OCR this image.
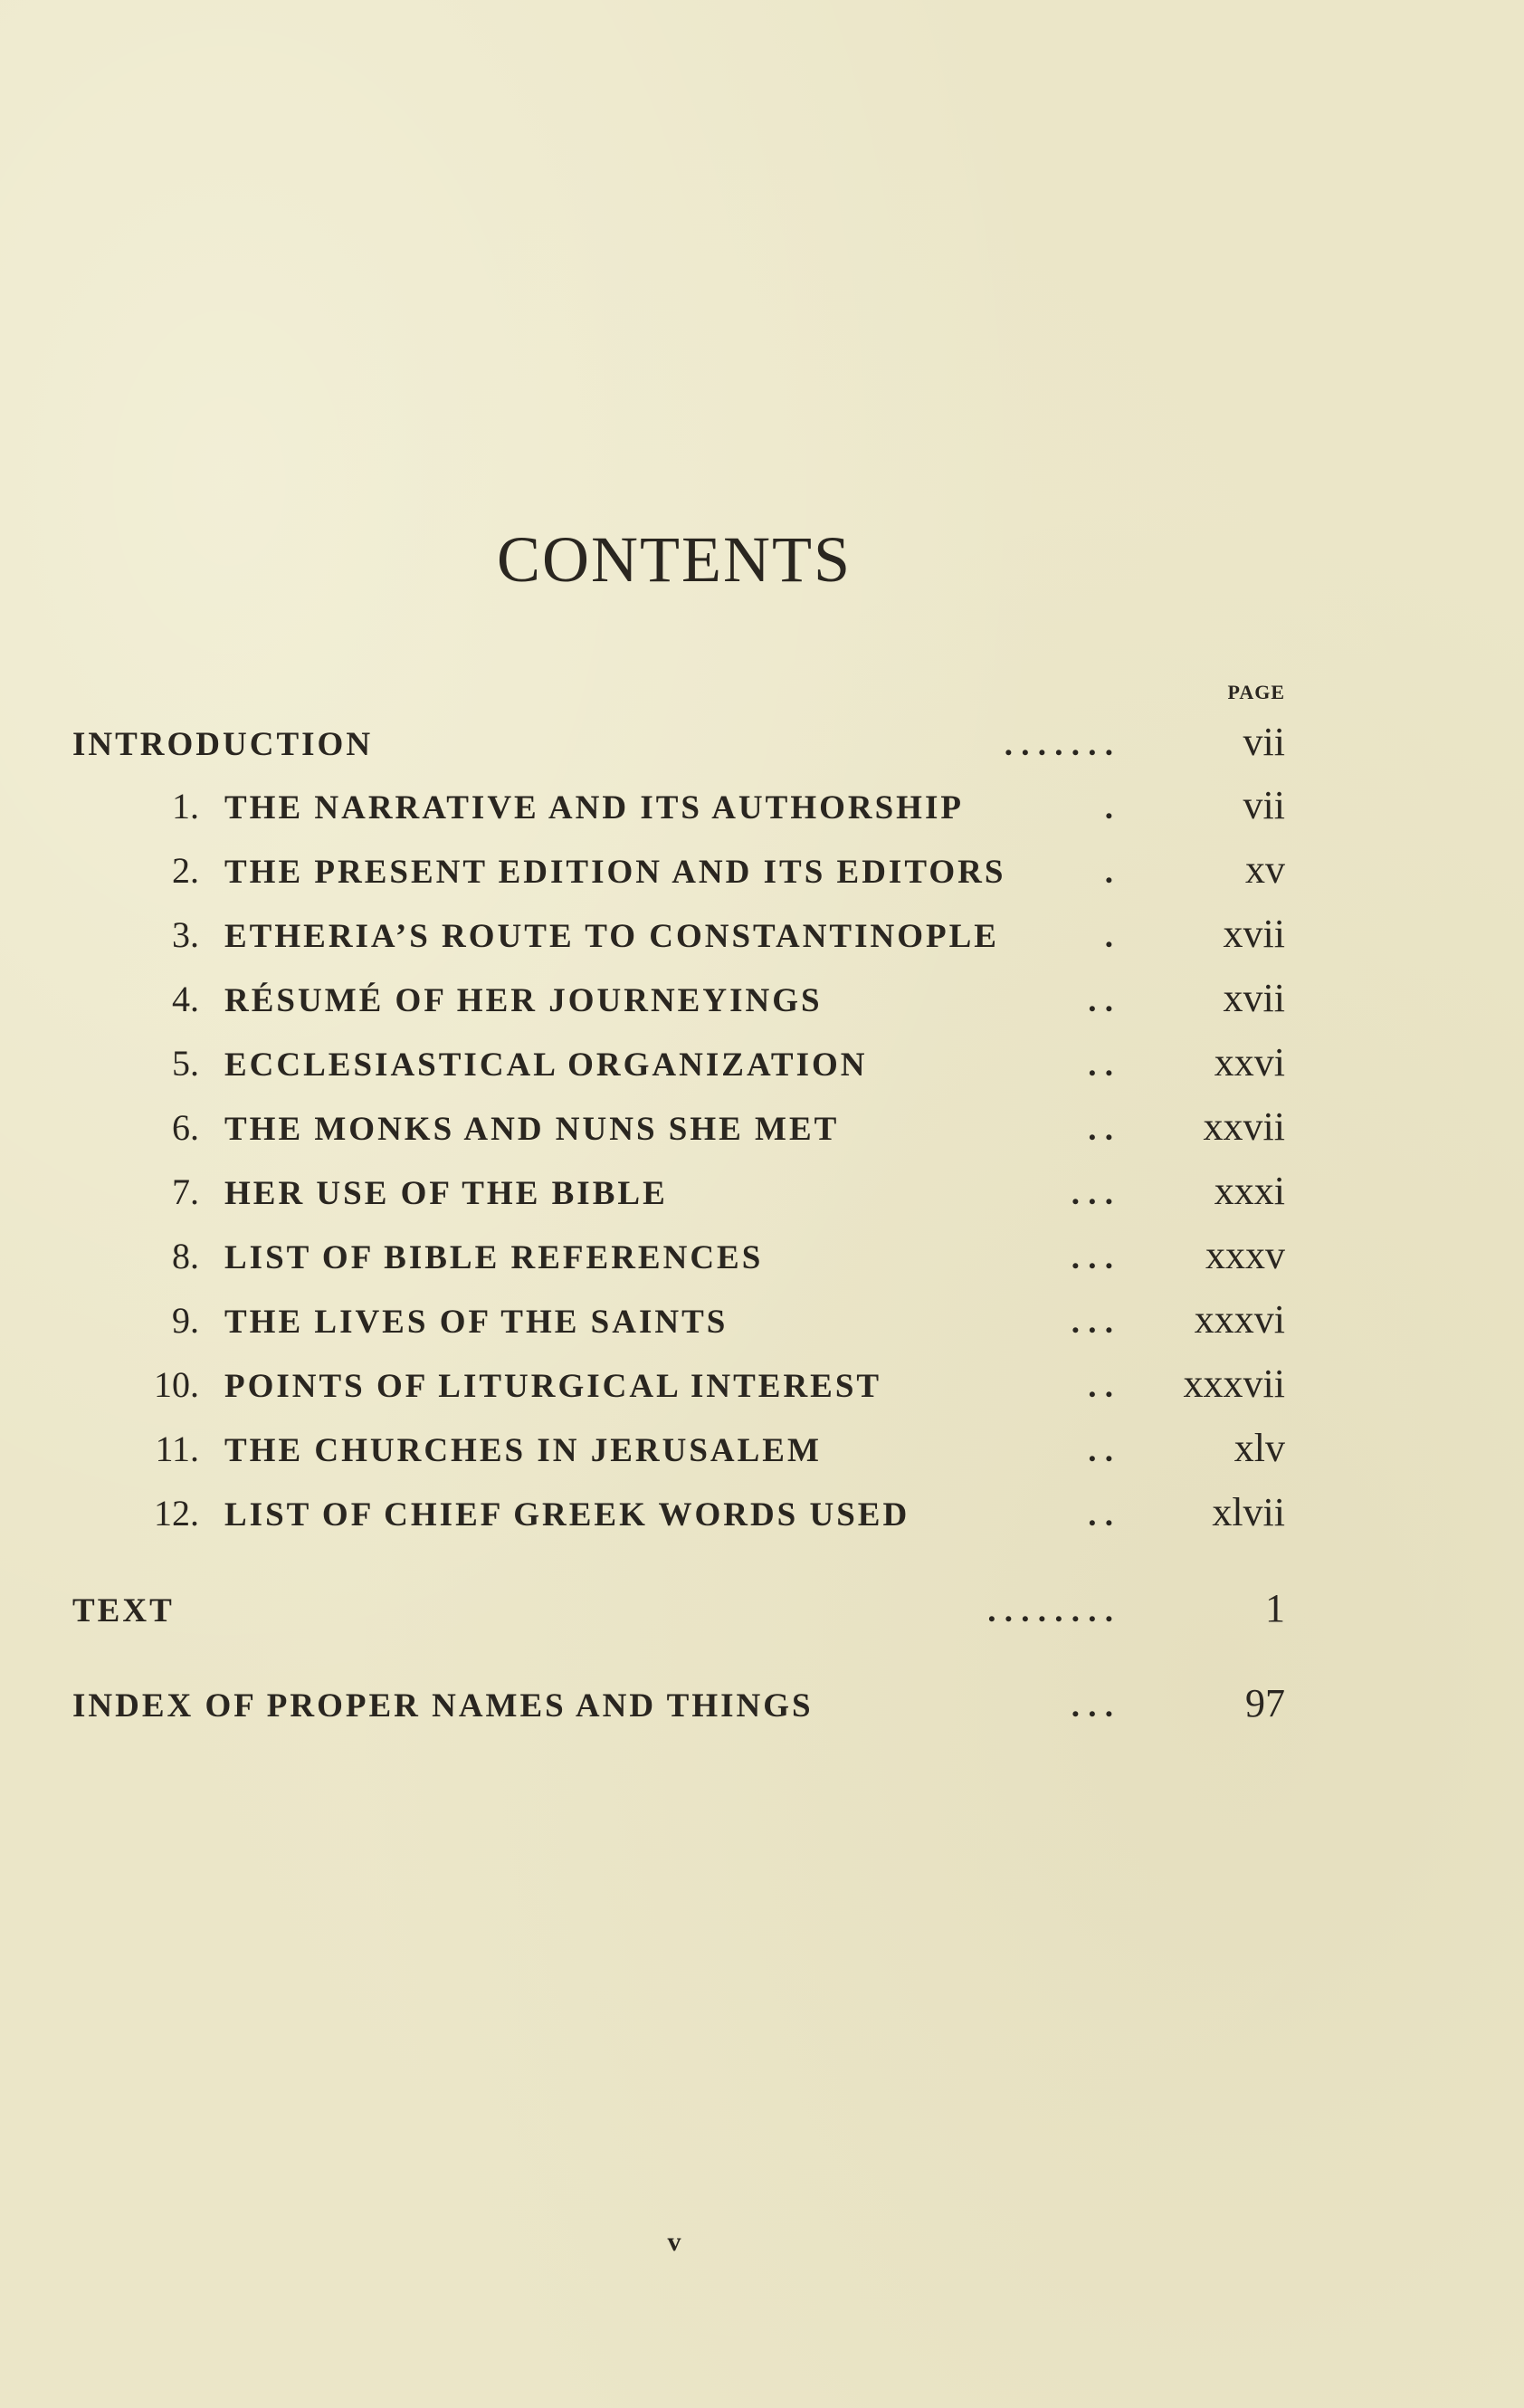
CONTENTS
PAGE
INTRODUCTION	. . . . . . .	vii
1. THE NARRATIVE AND ITS AUTHORSHIP	.	vii
2. THE PRESENT EDITION AND ITS EDITORS	.	xv
3. ETHERIA’S ROUTE TO CONSTANTINOPLE	.	xvii
4. RÉSUMÉ OF HER JOURNEYINGS	. .	xvii
5. ECCLESIASTICAL ORGANIZATION	. .	xxvi
6. THE MONKS AND NUNS SHE MET	. .	xxvii
7. HER USE OF THE BIBLE	. . .	xxxi
8. LIST OF BIBLE REFERENCES	. . .	xxxv
9. THE LIVES OF THE SAINTS	. . .	xxxvi
10. POINTS OF LITURGICAL INTEREST	. .	xxxvii
11. THE CHURCHES IN JERUSALEM	. .	xlv
12. LIST OF CHIEF GREEK WORDS USED	. .	xlvii
TEXT	. . . . . . . .	1
INDEX OF PROPER NAMES AND THINGS	. . .	97
v
